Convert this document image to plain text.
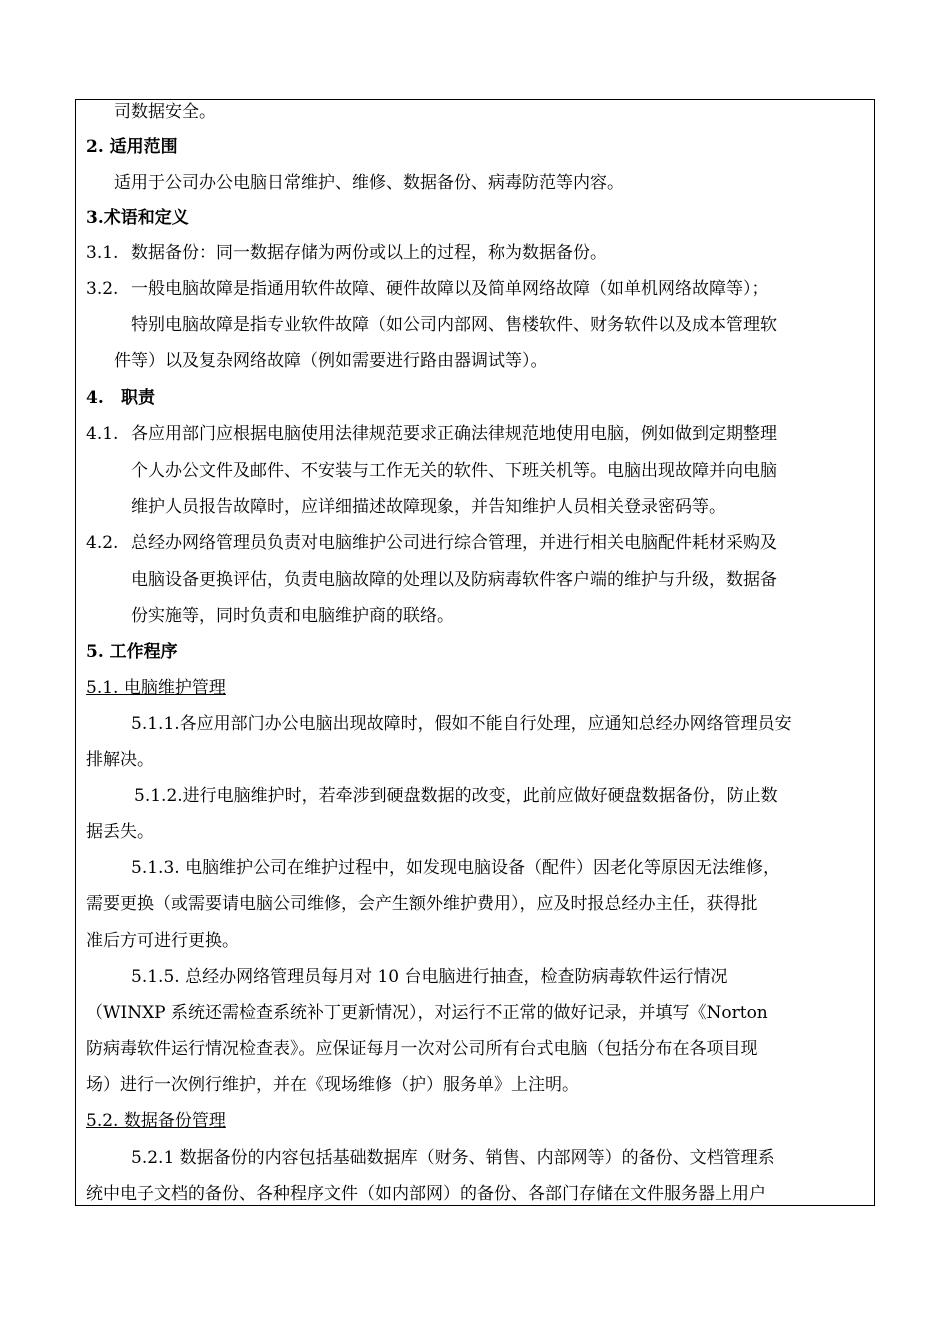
司数据安全。
2. 适用范围
适用于公司办公电脑日常维护、维修、数据备份、病毒防范等内容。
3.术语和定义
3.1. 数据备份：同一数据存储为两份或以上的过程，称为数据备份。
3.2. 一般电脑故障是指通用软件故障、硬件故障以及简单网络故障（如单机网络故障等）；
特别电脑故障是指专业软件故障（如公司内部网、售楼软件、财务软件以及成本管理软
件等）以及复杂网络故障（例如需要进行路由器调试等）。
4. 职责
4.1. 各应用部门应根据电脑使用法律规范要求正确法律规范地使用电脑，例如做到定期整理
个人办公文件及邮件、不安装与工作无关的软件、下班关机等。电脑出现故障并向电脑
维护人员报告故障时，应详细描述故障现象，并告知维护人员相关登录密码等。
4.2. 总经办网络管理员负责对电脑维护公司进行综合管理，并进行相关电脑配件耗材采购及
电脑设备更换评估，负责电脑故障的处理以及防病毒软件客户端的维护与升级，数据备
份实施等，同时负责和电脑维护商的联络。
5. 工作程序
5.1. 电脑维护管理
5.1.1.各应用部门办公电脑出现故障时，假如不能自行处理，应通知总经办网络管理员安
排解决。
5.1.2.进行电脑维护时，若牵涉到硬盘数据的改变，此前应做好硬盘数据备份，防止数
据丢失。
5.1.3. 电脑维护公司在维护过程中，如发现电脑设备（配件）因老化等原因无法维修，
需要更换（或需要请电脑公司维修，会产生额外维护费用），应及时报总经办主任，获得批
准后方可进行更换。
5.1.5. 总经办网络管理员每月对 10 台电脑进行抽查，检查防病毒软件运行情况
（WINXP 系统还需检查系统补丁更新情况），对运行不正常的做好记录，并填写《Norton
防病毒软件运行情况检查表》。应保证每月一次对公司所有台式电脑（包括分布在各项目现
场）进行一次例行维护，并在《现场维修（护）服务单》上注明。
5.2. 数据备份管理
5.2.1 数据备份的内容包括基础数据库（财务、销售、内部网等）的备份、文档管理系
统中电子文档的备份、各种程序文件（如内部网）的备份、各部门存储在文件服务器上用户
